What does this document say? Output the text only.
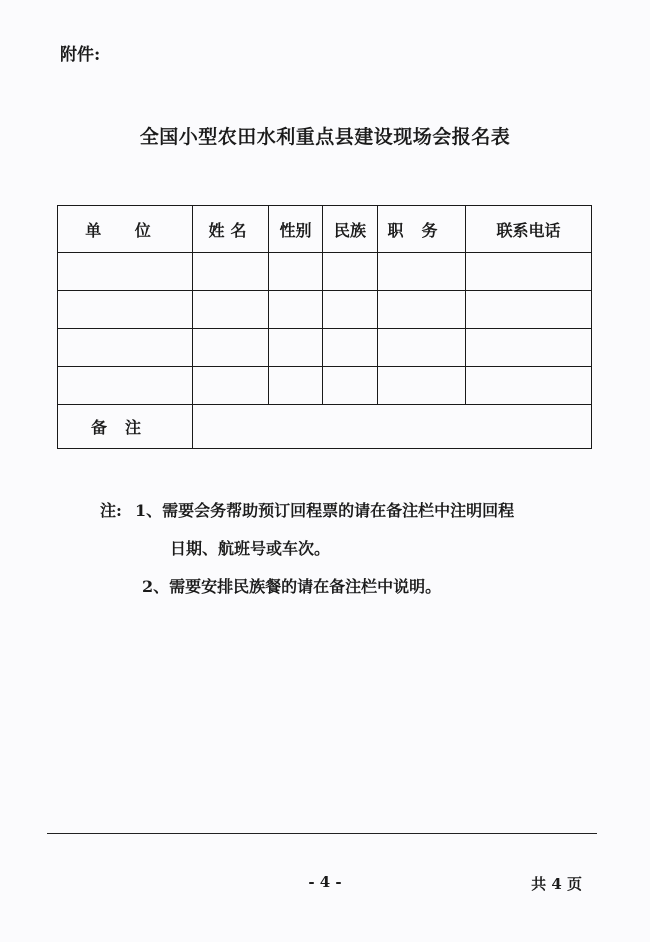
附件:
全国小型农田水利重点县建设现场会报名表
单 位	姓名	性别	民族	职务	联系电话

备注					
注: 1、需要会务帮助预订回程票的请在备注栏中注明回程
日期、航班号或车次。
2、需要安排民族餐的请在备注栏中说明。
- 4 -	共 4 页
